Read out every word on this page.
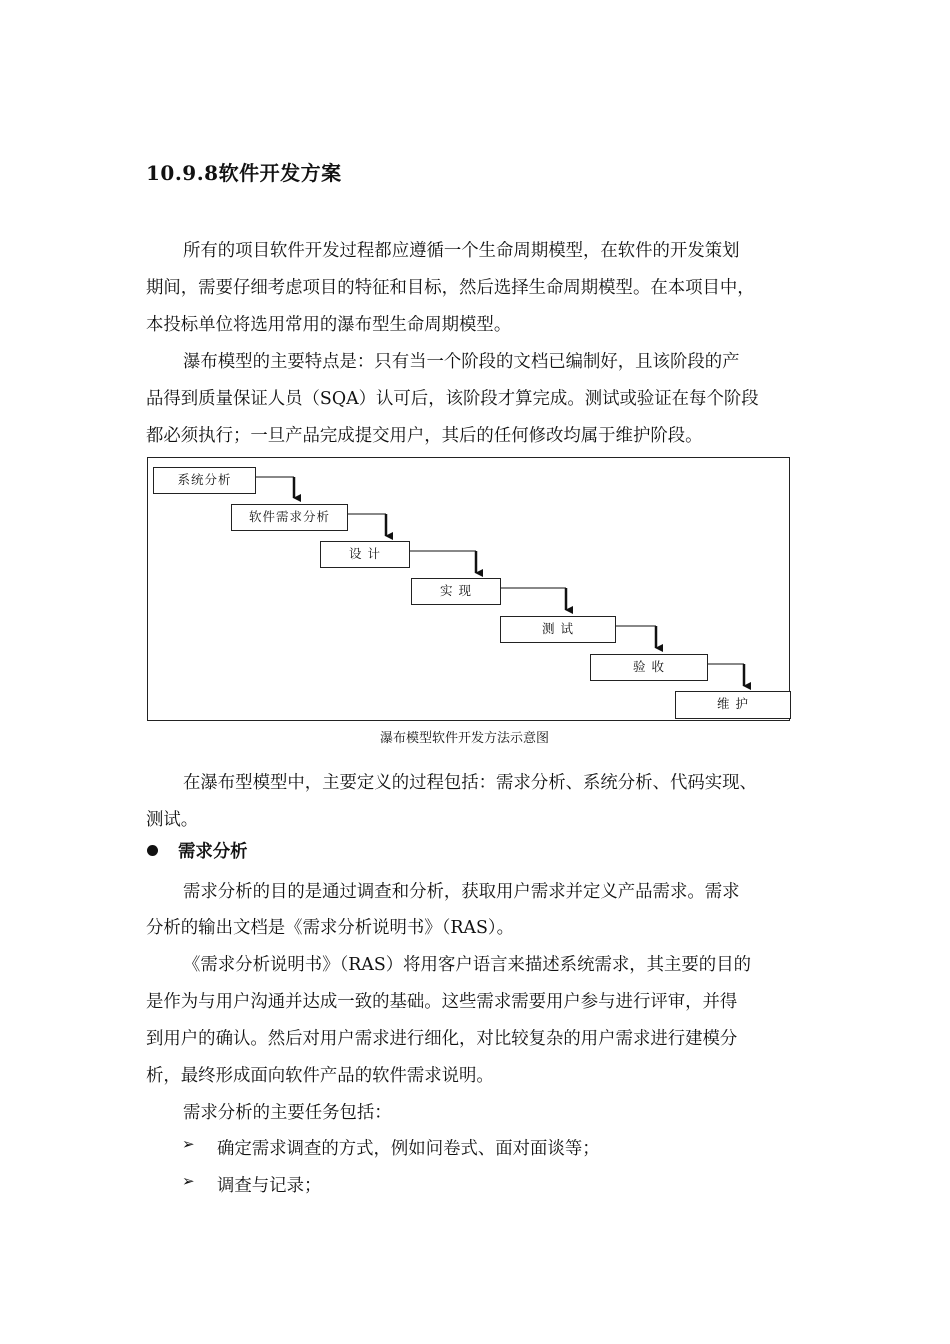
10.9.8软件开发方案
所有的项目软件开发过程都应遵循一个生命周期模型，在软件的开发策划
期间，需要仔细考虑项目的特征和目标，然后选择生命周期模型。在本项目中，
本投标单位将选用常用的瀑布型生命周期模型。
瀑布模型的主要特点是：只有当一个阶段的文档已编制好，且该阶段的产
品得到质量保证人员（SQA）认可后，该阶段才算完成。测试或验证在每个阶段
都必须执行；一旦产品完成提交用户，其后的任何修改均属于维护阶段。
系统分析
软件需求分析
设 计
实 现
测 试
验 收
维 护
瀑布模型软件开发方法示意图
在瀑布型模型中，主要定义的过程包括：需求分析、系统分析、代码实现、
测试。
需求分析
需求分析的目的是通过调查和分析，获取用户需求并定义产品需求。需求
分析的输出文档是《需求分析说明书》（RAS）。
《需求分析说明书》（RAS）将用客户语言来描述系统需求，其主要的目的
是作为与用户沟通并达成一致的基础。这些需求需要用户参与进行评审，并得
到用户的确认。然后对用户需求进行细化，对比较复杂的用户需求进行建模分
析，最终形成面向软件产品的软件需求说明。
需求分析的主要任务包括：
➢ 确定需求调查的方式，例如问卷式、面对面谈等；
➢ 调查与记录；
